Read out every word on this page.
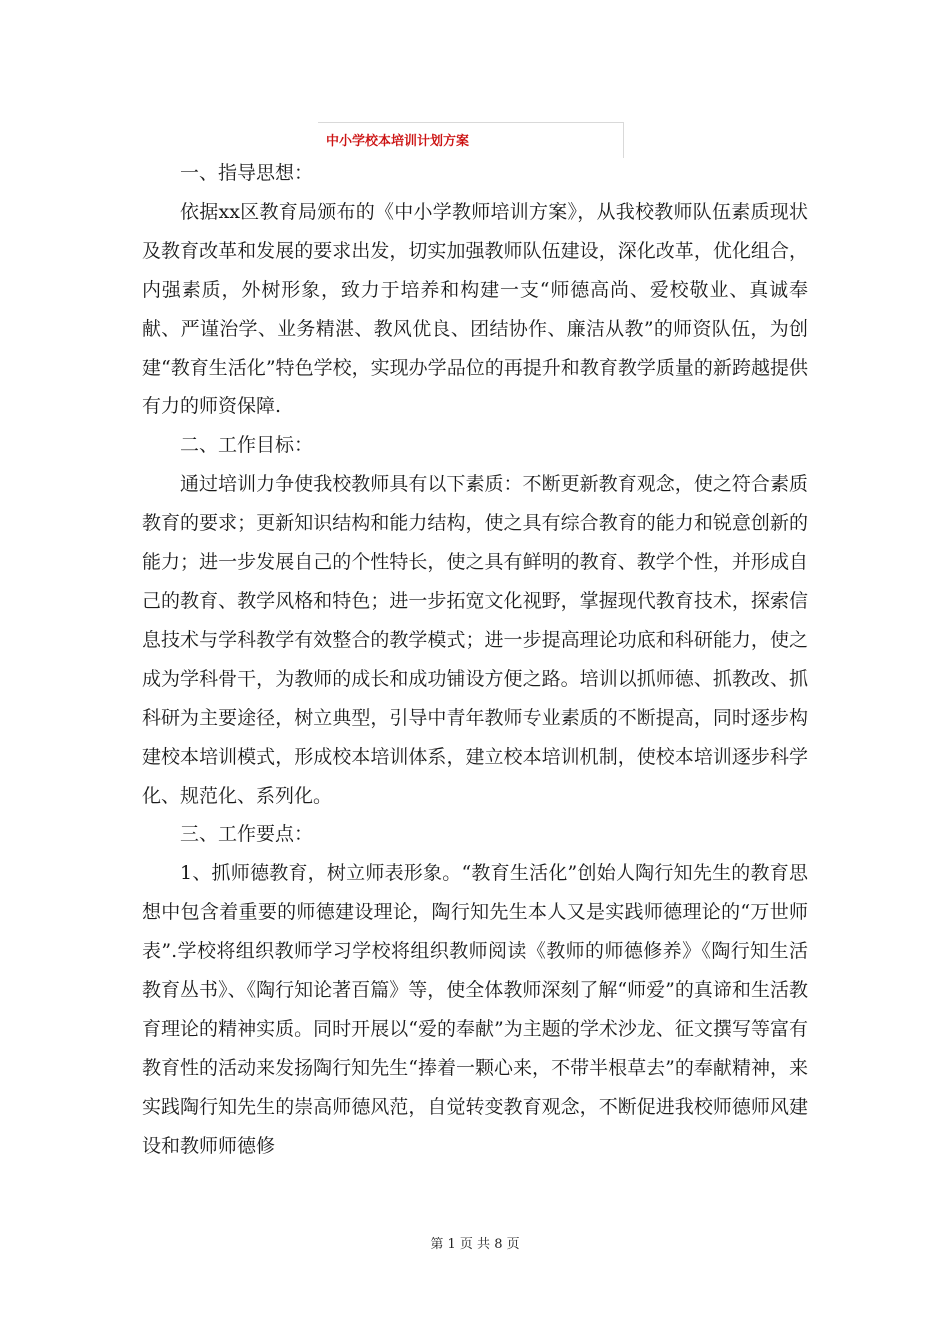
中小学校本培训计划方案

一、指导思想：

依据xx区教育局颁布的《中小学教师培训方案》，从我校教师队伍素质现状及教育改革和发展的要求出发，切实加强教师队伍建设，深化改革，优化组合，内强素质，外树形象，致力于培养和构建一支“师德高尚、爱校敬业、真诚奉献、严谨治学、业务精湛、教风优良、团结协作、廉洁从教”的师资队伍，为创建“教育生活化”特色学校，实现办学品位的再提升和教育教学质量的新跨越提供有力的师资保障.

二、工作目标：

通过培训力争使我校教师具有以下素质：不断更新教育观念，使之符合素质教育的要求；更新知识结构和能力结构，使之具有综合教育的能力和锐意创新的能力；进一步发展自己的个性特长，使之具有鲜明的教育、教学个性，并形成自己的教育、教学风格和特色；进一步拓宽文化视野，掌握现代教育技术，探索信息技术与学科教学有效整合的教学模式；进一步提高理论功底和科研能力，使之成为学科骨干，为教师的成长和成功铺设方便之路。培训以抓师德、抓教改、抓科研为主要途径，树立典型，引导中青年教师专业素质的不断提高，同时逐步构建校本培训模式，形成校本培训体系，建立校本培训机制，使校本培训逐步科学化、规范化、系列化。

三、工作要点：

1、抓师德教育，树立师表形象。“教育生活化”创始人陶行知先生的教育思想中包含着重要的师德建设理论，陶行知先生本人又是实践师德理论的“万世师表”.学校将组织教师学习学校将组织教师阅读《教师的师德修养》《陶行知生活教育丛书》、《陶行知论著百篇》等，使全体教师深刻了解“师爱”的真谛和生活教育理论的精神实质。同时开展以“爱的奉献”为主题的学术沙龙、征文撰写等富有教育性的活动来发扬陶行知先生“捧着一颗心来，不带半根草去”的奉献精神，来实践陶行知先生的崇高师德风范，自觉转变教育观念，不断促进我校师德师风建设和教师师德修

第 1 页 共 8 页
